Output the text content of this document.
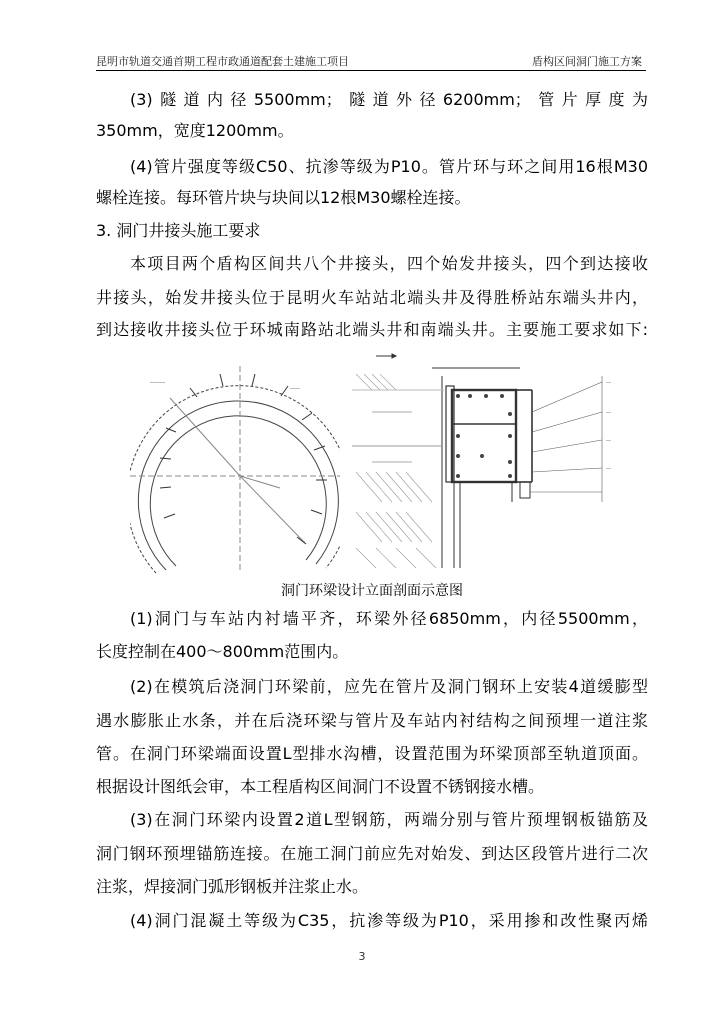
昆明市轨道交通首期工程市政通道配套土建施工项目	盾构区间洞门施工方案

(3)隧道内径5500mm；隧道外径6200mm；管片厚度为

350mm，宽度1200mm。

(4)管片强度等级C50、抗渗等级为P10。管片环与环之间用16根M30

螺栓连接。每环管片块与块间以12根M30螺栓连接。

3. 洞门井接头施工要求

本项目两个盾构区间共八个井接头，四个始发井接头，四个到达接收

井接头，始发井接头位于昆明火车站站北端头井及得胜桥站东端头井内，

到达接收井接头位于环城南路站北端头井和南端头井。主要施工要求如下:

―――
――
―
―
―
―
洞门环梁设计立面剖面示意图

(1)洞门与车站内衬墙平齐，环梁外径6850mm，内径5500mm，

长度控制在400～800mm范围内。

(2)在模筑后浇洞门环梁前，应先在管片及洞门钢环上安装4道缓膨型

遇水膨胀止水条，并在后浇环梁与管片及车站内衬结构之间预埋一道注浆

管。在洞门环梁端面设置L型排水沟槽，设置范围为环梁顶部至轨道顶面。

根据设计图纸会审，本工程盾构区间洞门不设置不锈钢接水槽。

(3)在洞门环梁内设置2道L型钢筋，两端分别与管片预埋钢板锚筋及

洞门钢环预埋锚筋连接。在施工洞门前应先对始发、到达区段管片进行二次

注浆，焊接洞门弧形钢板并注浆止水。

(4)洞门混凝土等级为C35，抗渗等级为P10，采用掺和改性聚丙烯

3
